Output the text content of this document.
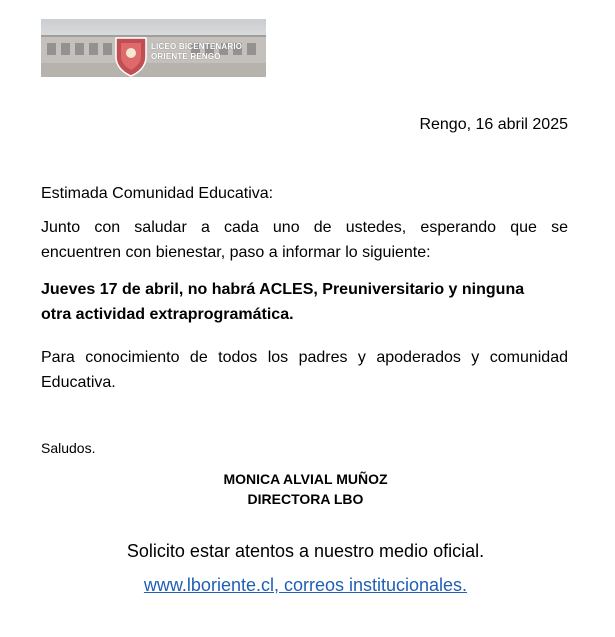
LICEO BICENTENARIO
ORIENTE RENGO
Rengo, 16 abril 2025
Estimada Comunidad Educativa:
Junto con saludar a cada uno de ustedes, esperando que se
encuentren con bienestar, paso a informar lo siguiente:
Jueves 17 de abril, no habrá ACLES, Preuniversitario y ninguna
otra actividad extraprogramática.
Para conocimiento de todos los padres y apoderados y comunidad
Educativa.
Saludos.
MONICA ALVIAL MUÑOZ
DIRECTORA LBO
Solicito estar atentos a nuestro medio oficial.
www.lboriente.cl, correos institucionales.
